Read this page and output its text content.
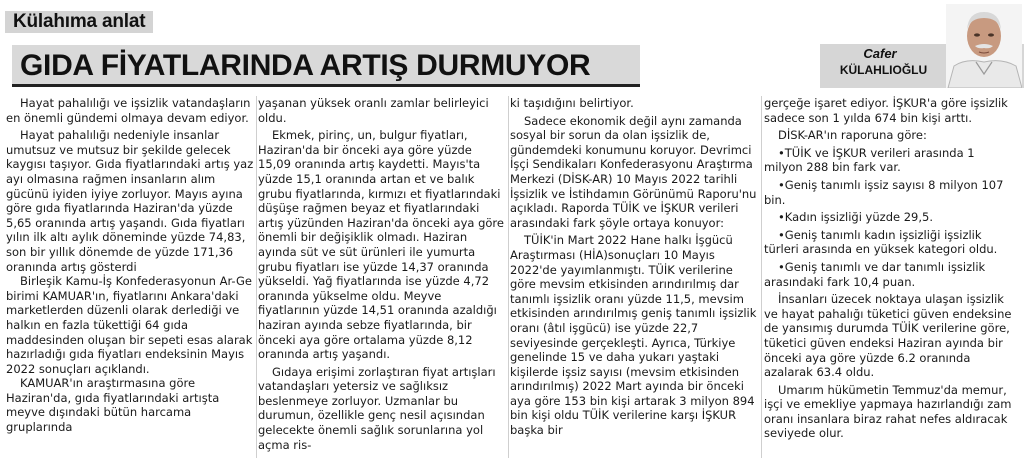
Külahıma anlat
GIDA FİYATLARINDA ARTIŞ DURMUYOR	Cafer
KÜLAHLIOĞLU

Hayat pahalılığı ve işsizlik vatandaşların en önemli gündemi olmaya devam ediyor.

Hayat pahalılığı nedeniyle insanlar umutsuz ve mutsuz bir şekilde gelecek kaygısı taşıyor. Gıda fiyatlarındaki artış yaz ayı olmasına rağmen insanların alım gücünü iyiden iyiye zorluyor. Mayıs ayına göre gıda fiyatlarında Haziran'da yüzde 5,65 oranında artış yaşandı. Gıda fiyatları yılın ilk altı aylık döneminde yüzde 74,83, son bir yıllık dönemde de yüzde 171,36 oranında artış gösterdi

Birleşik Kamu-İş Konfederasyonun Ar-Ge birimi KAMUAR'ın, fiyatlarını Ankara'daki marketlerden düzenli olarak derlediği ve halkın en fazla tükettiği 64 gıda maddesinden oluşan bir sepeti esas alarak hazırladığı gıda fiyatları endeksinin Mayıs 2022 sonuçları açıklandı.

KAMUAR'ın araştırmasına göre Haziran'da, gıda fiyatlarındaki artışta meyve dışındaki bütün harcama gruplarında

yaşanan yüksek oranlı zamlar belirleyici oldu.

Ekmek, pirinç, un, bulgur fiyatları, Haziran'da bir önceki aya göre yüzde 15,09 oranında artış kaydetti. Mayıs'ta yüzde 15,1 oranında artan et ve balık grubu fiyatlarında, kırmızı et fiyatlarındaki düşüşe rağmen beyaz et fiyatlarındaki artış yüzünden Haziran'da önceki aya göre önemli bir değişiklik olmadı. Haziran ayında süt ve süt ürünleri ile yumurta grubu fiyatları ise yüzde 14,37 oranında yükseldi. Yağ fiyatlarında ise yüzde 4,72 oranında yükselme oldu. Meyve fiyatlarının yüzde 14,51 oranında azaldığı haziran ayında sebze fiyatlarında, bir önceki aya göre ortalama yüzde 8,12 oranında artış yaşandı.

Gıdaya erişimi zorlaştıran fiyat artışları vatandaşları yetersiz ve sağlıksız beslenmeye zorluyor. Uzmanlar bu durumun, özellikle genç nesil açısından gelecekte önemli sağlık sorunlarına yol açma ris-

ki taşıdığını belirtiyor.

Sadece ekonomik değil aynı zamanda sosyal bir sorun da olan işsizlik de, gündemdeki konumunu koruyor. Devrimci İşçi Sendikaları Konfederasyonu Araştırma Merkezi (DİSK-AR) 10 Mayıs 2022 tarihli İşsizlik ve İstihdamın Görünümü Raporu'nu açıkladı. Raporda TÜİK ve İŞKUR verileri arasındaki fark şöyle ortaya konuyor:

TÜİK'in Mart 2022 Hane halkı İşgücü Araştırması (HİA)sonuçları 10 Mayıs 2022'de yayımlanmıştı. TÜİK verilerine göre mevsim etkisinden arındırılmış dar tanımlı işsizlik oranı yüzde 11,5, mevsim etkisinden arındırılmış geniş tanımlı işsizlik oranı (âtıl işgücü) ise yüzde 22,7 seviyesinde gerçekleşti. Ayrıca, Türkiye genelinde 15 ve daha yukarı yaştaki kişilerde işsiz sayısı (mevsim etkisinden arındırılmış) 2022 Mart ayında bir önceki aya göre 153 bin kişi artarak 3 milyon 894 bin kişi oldu TÜİK verilerine karşı İŞKUR başka bir

gerçeğe işaret ediyor. İŞKUR'a göre işsizlik sadece son 1 yılda 674 bin kişi arttı.

DİSK-AR'ın raporuna göre:

•TÜİK ve İŞKUR verileri arasında 1 milyon 288 bin fark var.

•Geniş tanımlı işsiz sayısı 8 milyon 107 bin.

•Kadın işsizliği yüzde 29,5.

•Geniş tanımlı kadın işsizliği işsizlik türleri arasında en yüksek kategori oldu.

•Geniş tanımlı ve dar tanımlı işsizlik arasındaki fark 10,4 puan.

İnsanları üzecek noktaya ulaşan işsizlik ve hayat pahalığı tüketici güven endeksine de yansımış durumda TÜİK verilerine göre, tüketici güven endeksi Haziran ayında bir önceki aya göre yüzde 6.2 oranında azalarak 63.4 oldu.

Umarım hükümetin Temmuz'da memur, işçi ve emekliye yapmaya hazırlandığı zam oranı insanlara biraz rahat nefes aldıracak seviyede olur.
